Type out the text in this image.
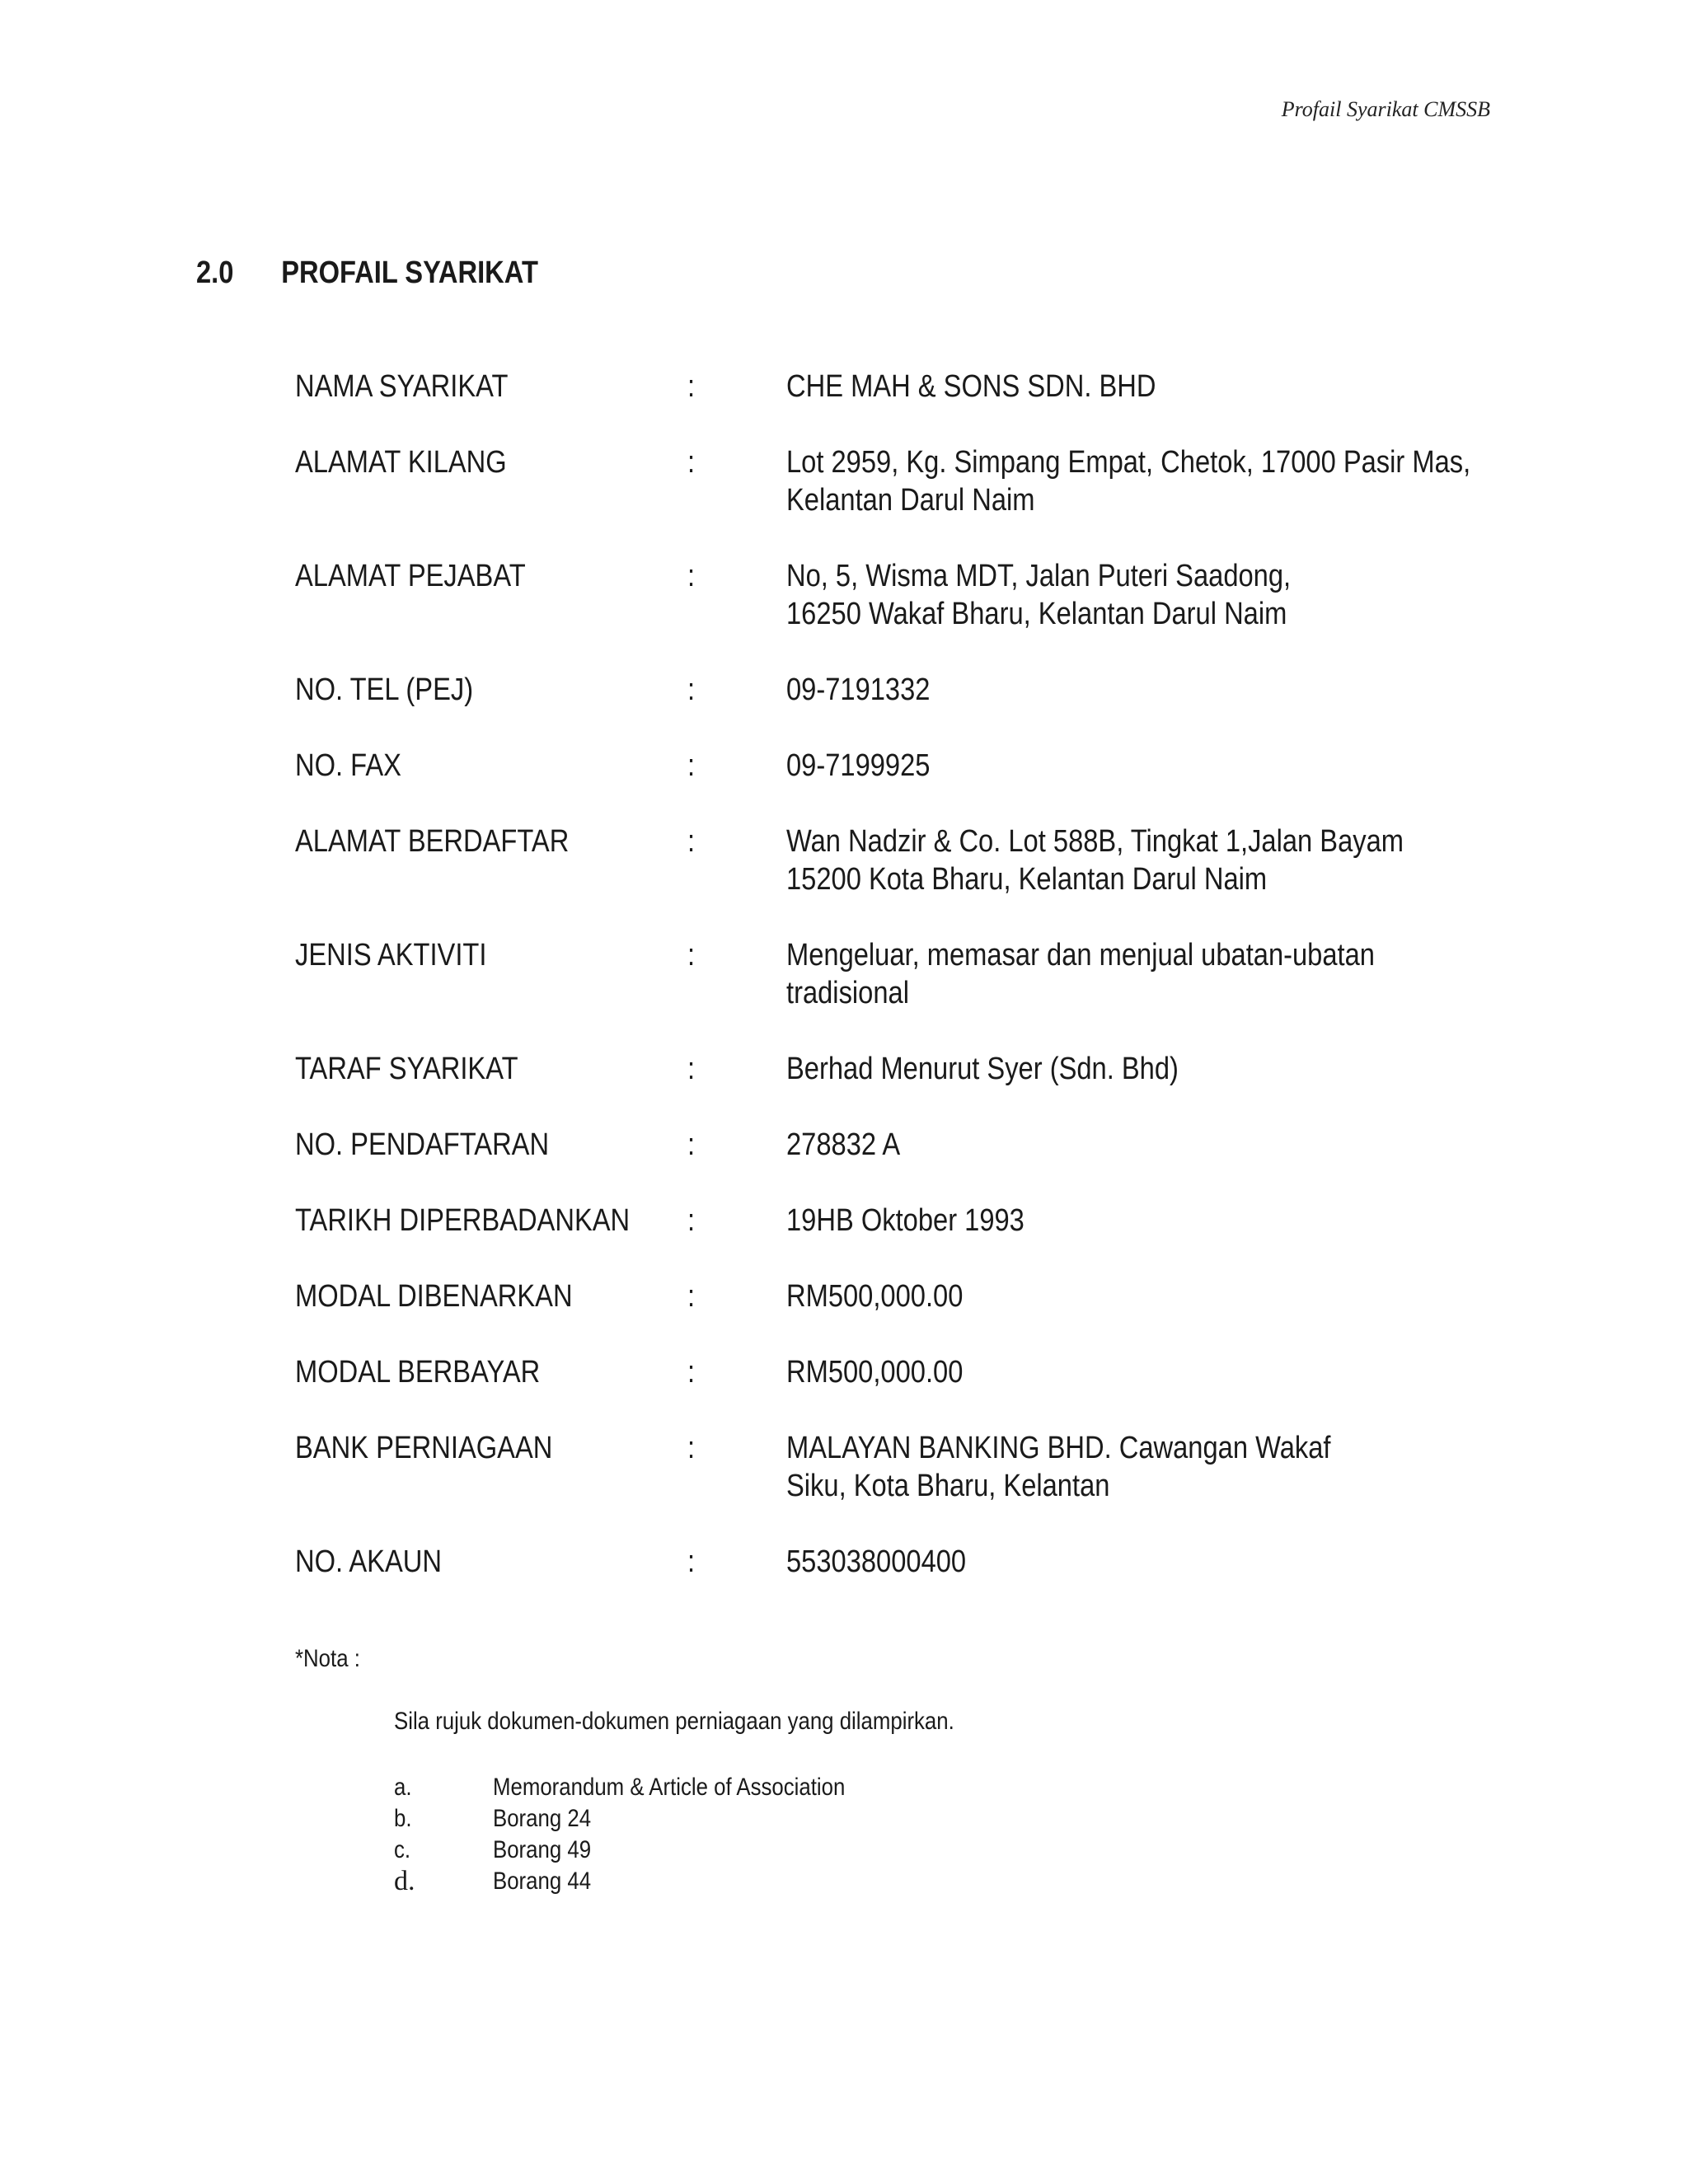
Profail Syarikat CMSSB
2.0 PROFAIL SYARIKAT
NAMA SYARIKAT	:	CHE MAH & SONS SDN. BHD
ALAMAT KILANG	:	Lot 2959, Kg. Simpang Empat, Chetok, 17000 Pasir Mas,
Kelantan Darul Naim
ALAMAT PEJABAT	:	No, 5, Wisma MDT, Jalan Puteri Saadong,
16250 Wakaf Bharu, Kelantan Darul Naim
NO. TEL (PEJ)	:	09-7191332
NO. FAX	:	09-7199925
ALAMAT BERDAFTAR	:	Wan Nadzir & Co. Lot 588B, Tingkat 1,Jalan Bayam
15200 Kota Bharu, Kelantan Darul Naim
JENIS AKTIVITI	:	Mengeluar, memasar dan menjual ubatan-ubatan
tradisional
TARAF SYARIKAT	:	Berhad Menurut Syer (Sdn. Bhd)
NO. PENDAFTARAN	:	278832 A
TARIKH DIPERBADANKAN	:	19HB Oktober 1993
MODAL DIBENARKAN	:	RM500,000.00
MODAL BERBAYAR	:	RM500,000.00
BANK PERNIAGAAN	:	MALAYAN BANKING BHD. Cawangan Wakaf
Siku, Kota Bharu, Kelantan
NO. AKAUN	:	553038000400
*Nota :
Sila rujuk dokumen-dokumen perniagaan yang dilampirkan.
a.	Memorandum & Article of Association
b.	Borang 24
c.	Borang 49
d.	Borang 44
